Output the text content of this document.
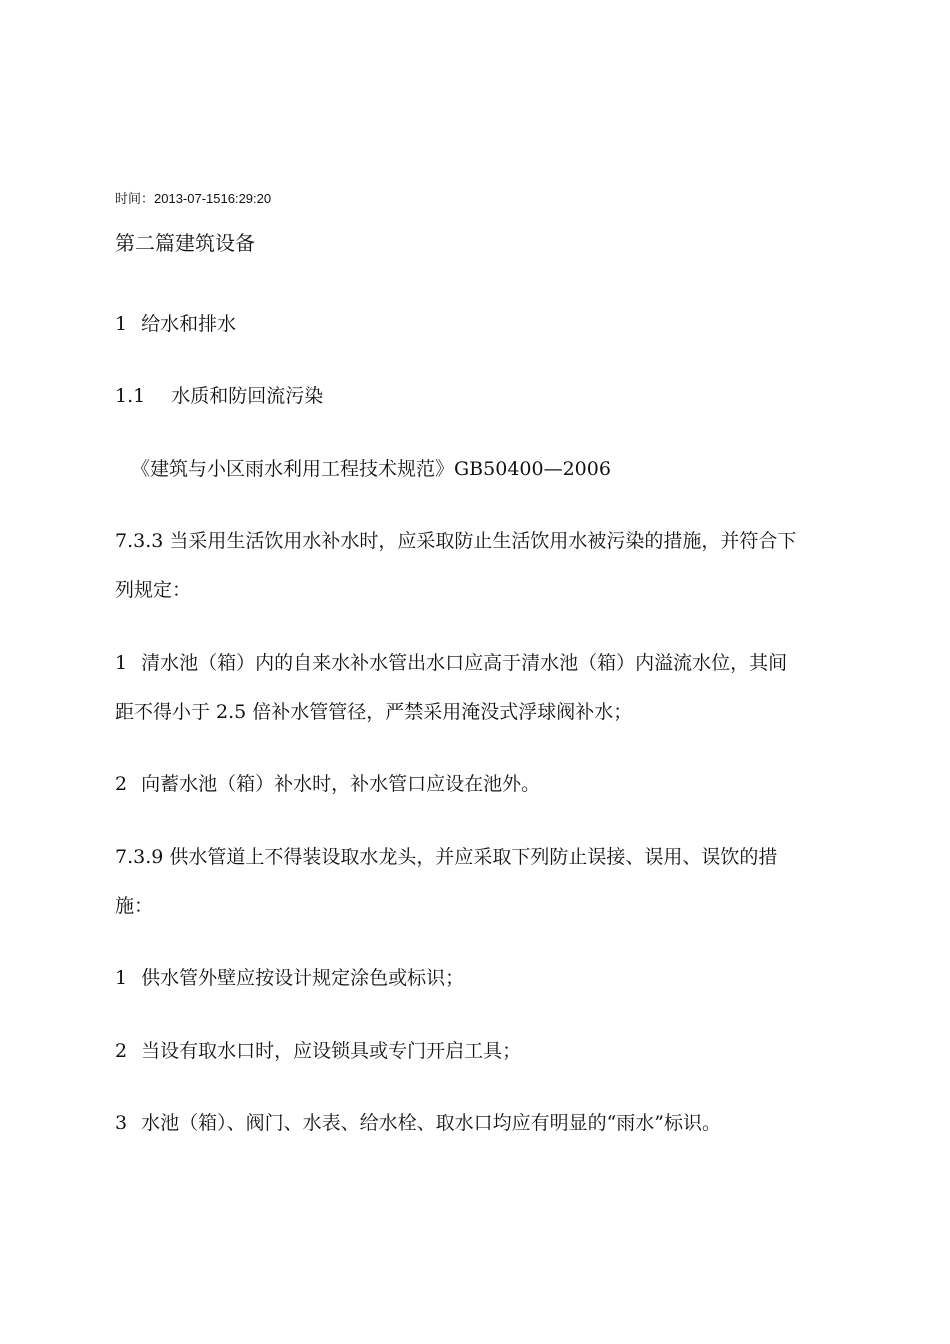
时间：2013-07-1516:29:20
第二篇建筑设备
1 给水和排水
1.1 水质和防回流污染
《建筑与小区雨水利用工程技术规范》GB50400—2006
7.3.3 当采用生活饮用水补水时，应采取防止生活饮用水被污染的措施，并符合下
列规定：
1 清水池（箱）内的自来水补水管出水口应高于清水池（箱）内溢流水位，其间
距不得小于 2.5 倍补水管管径，严禁采用淹没式浮球阀补水；
2 向蓄水池（箱）补水时，补水管口应设在池外。
7.3.9 供水管道上不得装设取水龙头，并应采取下列防止误接、误用、误饮的措
施：
1 供水管外壁应按设计规定涂色或标识；
2 当设有取水口时，应设锁具或专门开启工具；
3 水池（箱）、阀门、水表、给水栓、取水口均应有明显的“雨水”标识。
